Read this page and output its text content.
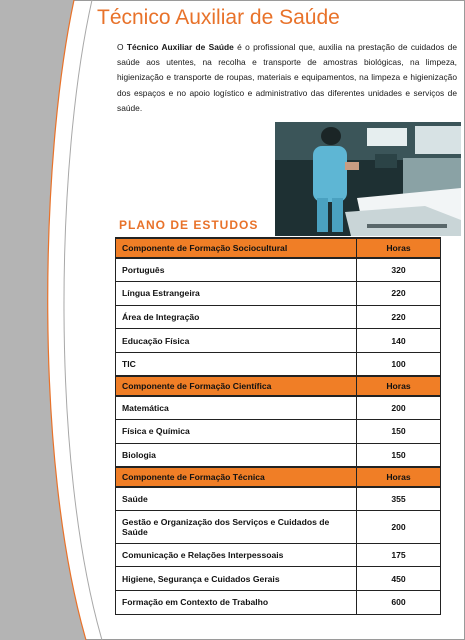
Técnico Auxiliar de Saúde

O Técnico Auxiliar de Saúde é o profissional que, auxilia na prestação de cuidados de saúde aos utentes, na recolha e transporte de amostras biológicas, na limpeza, higienização e transporte de roupas, materiais e equipamentos, na limpeza e higienização dos espaços e no apoio logístico e administrativo das diferentes unidades e serviços de saúde.

PLANO DE ESTUDOS
Componente de Formação Sociocultural	Horas
Português	320
Língua Estrangeira	220
Área de Integração	220
Educação Física	140
TIC	100
Componente de Formação Científica	Horas
Matemática	200
Física e Química	150
Biologia	150
Componente de Formação Técnica	Horas
Saúde	355
Gestão e Organização dos Serviços e Cuidados de Saúde	200
Comunicação e Relações Interpessoais	175
Higiene, Segurança e Cuidados Gerais	450
Formação em Contexto de Trabalho	600
